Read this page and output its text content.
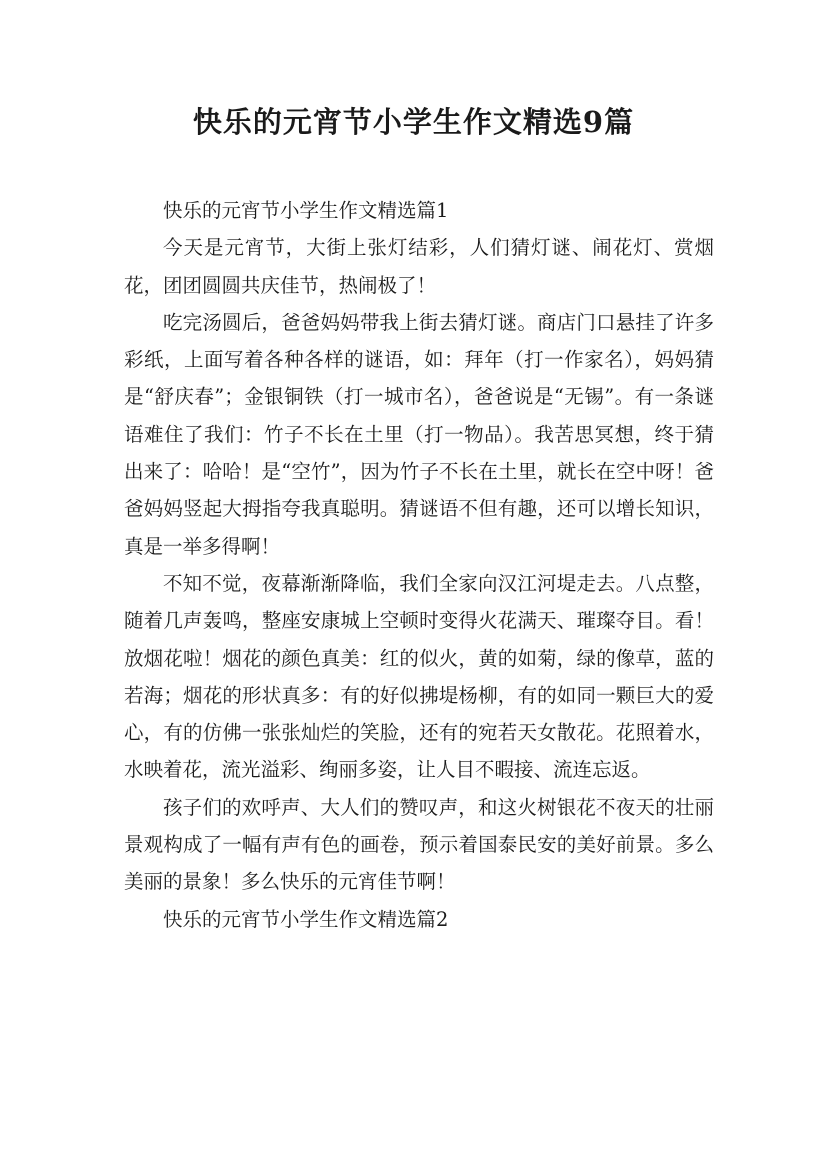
快乐的元宵节小学生作文精选9篇

快乐的元宵节小学生作文精选篇1

今天是元宵节，大街上张灯结彩，人们猜灯谜、闹花灯、赏烟花，团团圆圆共庆佳节，热闹极了！

吃完汤圆后，爸爸妈妈带我上街去猜灯谜。商店门口悬挂了许多彩纸，上面写着各种各样的谜语，如：拜年（打一作家名），妈妈猜是“舒庆春”；金银铜铁（打一城市名），爸爸说是“无锡”。有一条谜语难住了我们：竹子不长在土里（打一物品）。我苦思冥想，终于猜出来了：哈哈！是“空竹”，因为竹子不长在土里，就长在空中呀！爸爸妈妈竖起大拇指夸我真聪明。猜谜语不但有趣，还可以增长知识，真是一举多得啊！

不知不觉，夜幕渐渐降临，我们全家向汉江河堤走去。八点整，随着几声轰鸣，整座安康城上空顿时变得火花满天、璀璨夺目。看！放烟花啦！烟花的颜色真美：红的似火，黄的如菊，绿的像草，蓝的若海；烟花的形状真多：有的好似拂堤杨柳，有的如同一颗巨大的爱心，有的仿佛一张张灿烂的笑脸，还有的宛若天女散花。花照着水，水映着花，流光溢彩、绚丽多姿，让人目不暇接、流连忘返。

孩子们的欢呼声、大人们的赞叹声，和这火树银花不夜天的壮丽景观构成了一幅有声有色的画卷，预示着国泰民安的美好前景。多么美丽的景象！多么快乐的元宵佳节啊！

快乐的元宵节小学生作文精选篇2
